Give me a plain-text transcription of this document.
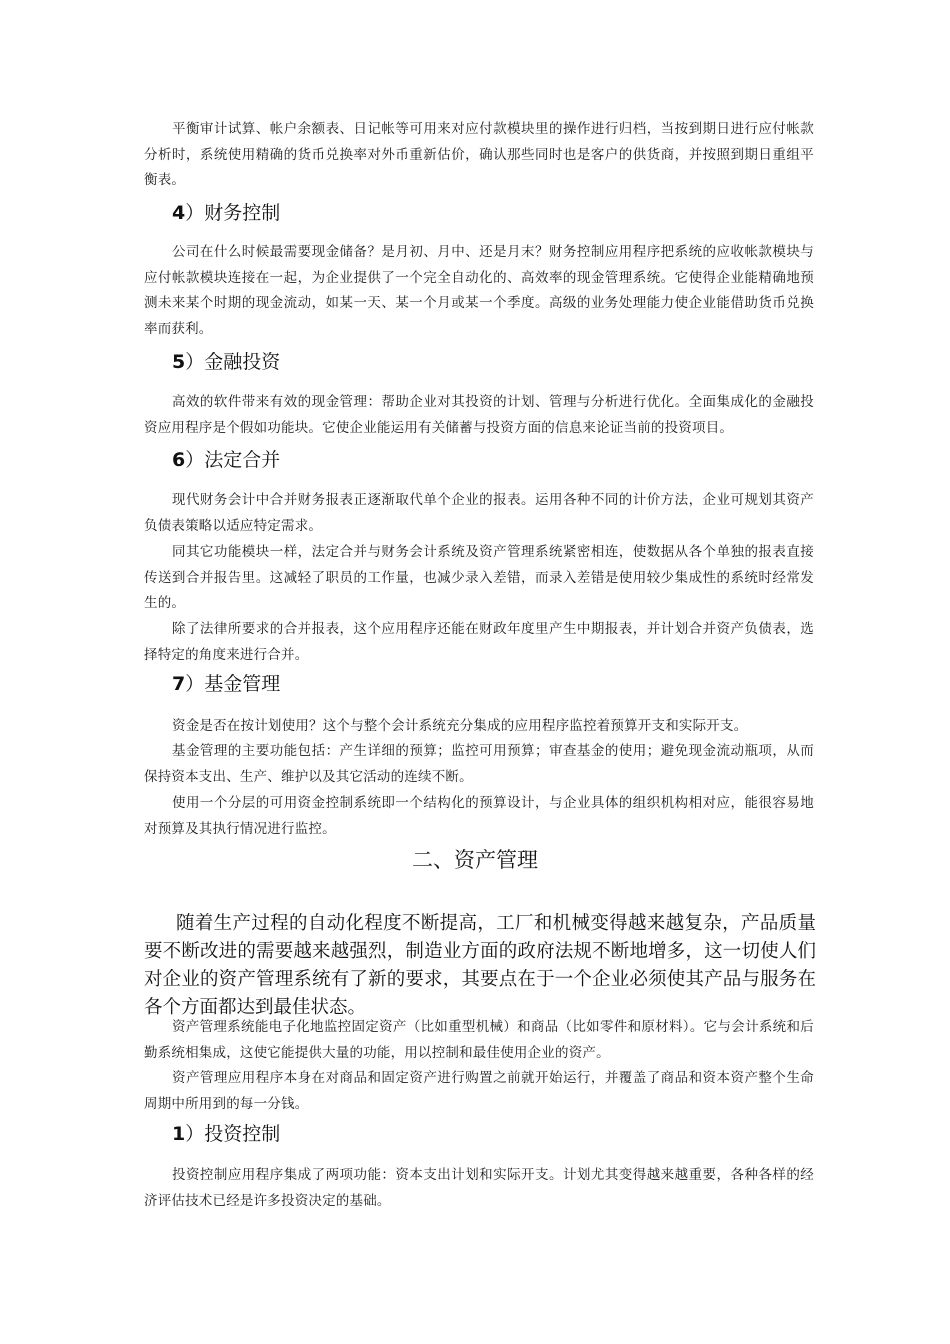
平衡审计试算、帐户余额表、日记帐等可用来对应付款模块里的操作进行归档，当按到期日进行应付帐款分析时，系统使用精确的货币兑换率对外币重新估价，确认那些同时也是客户的供货商，并按照到期日重组平衡表。
4）财务控制
公司在什么时候最需要现金储备？是月初、月中、还是月末？财务控制应用程序把系统的应收帐款模块与应付帐款模块连接在一起，为企业提供了一个完全自动化的、高效率的现金管理系统。它使得企业能精确地预测未来某个时期的现金流动，如某一天、某一个月或某一个季度。高级的业务处理能力使企业能借助货币兑换率而获利。
5）金融投资
高效的软件带来有效的现金管理：帮助企业对其投资的计划、管理与分析进行优化。全面集成化的金融投资应用程序是个假如功能块。它使企业能运用有关储蓄与投资方面的信息来论证当前的投资项目。
6）法定合并
现代财务会计中合并财务报表正逐渐取代单个企业的报表。运用各种不同的计价方法，企业可规划其资产负债表策略以适应特定需求。
同其它功能模块一样，法定合并与财务会计系统及资产管理系统紧密相连，使数据从各个单独的报表直接传送到合并报告里。这减轻了职员的工作量，也减少录入差错，而录入差错是使用较少集成性的系统时经常发生的。
除了法律所要求的合并报表，这个应用程序还能在财政年度里产生中期报表，并计划合并资产负债表，选择特定的角度来进行合并。
7）基金管理
资金是否在按计划使用？这个与整个会计系统充分集成的应用程序监控着预算开支和实际开支。
基金管理的主要功能包括：产生详细的预算；监控可用预算；审查基金的使用；避免现金流动瓶项，从而保持资本支出、生产、维护以及其它活动的连续不断。
使用一个分层的可用资金控制系统即一个结构化的预算设计，与企业具体的组织机构相对应，能很容易地对预算及其执行情况进行监控。
二、资产管理
随着生产过程的自动化程度不断提高，工厂和机械变得越来越复杂，产品质量要不断改进的需要越来越强烈，制造业方面的政府法规不断地增多，这一切使人们对企业的资产管理系统有了新的要求，其要点在于一个企业必须使其产品与服务在各个方面都达到最佳状态。
资产管理系统能电子化地监控固定资产（比如重型机械）和商品（比如零件和原材料）。它与会计系统和后勤系统相集成，这使它能提供大量的功能，用以控制和最佳使用企业的资产。
资产管理应用程序本身在对商品和固定资产进行购置之前就开始运行，并覆盖了商品和资本资产整个生命周期中所用到的每一分钱。
1）投资控制
投资控制应用程序集成了两项功能：资本支出计划和实际开支。计划尤其变得越来越重要，各种各样的经济评估技术已经是许多投资决定的基础。
